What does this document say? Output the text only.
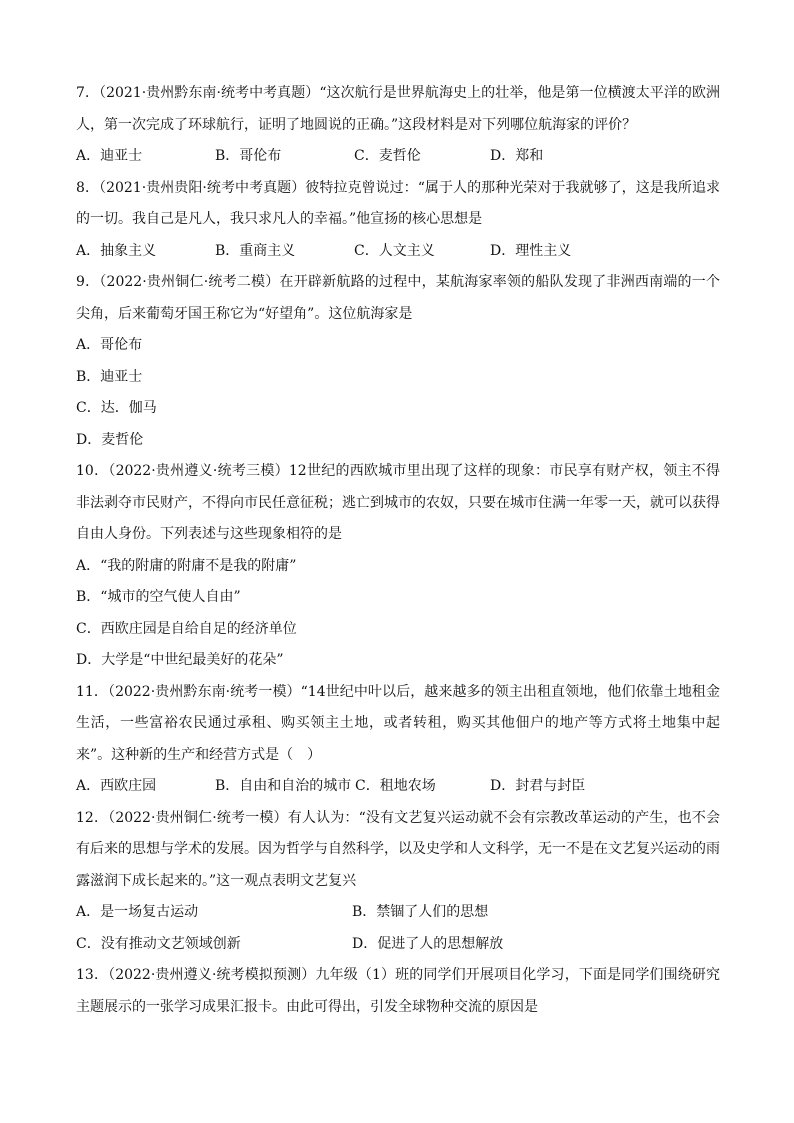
7．（2021·贵州黔东南·统考中考真题）“这次航行是世界航海史上的壮举，他是第一位横渡太平洋的欧洲人，第一次完成了环球航行，证明了地圆说的正确。”这段材料是对下列哪位航海家的评价？
A．迪亚士	B．哥伦布	C．麦哲伦	D．郑和
8．（2021·贵州贵阳·统考中考真题）彼特拉克曾说过：“属于人的那种光荣对于我就够了，这是我所追求的一切。我自己是凡人，我只求凡人的幸福。”他宣扬的核心思想是
A．抽象主义	B．重商主义	C．人文主义	D．理性主义
9．（2022·贵州铜仁·统考二模）在开辟新航路的过程中，某航海家率领的船队发现了非洲西南端的一个尖角，后来葡萄牙国王称它为“好望角”。这位航海家是
A．哥伦布
B．迪亚士
C．达．伽马
D．麦哲伦
10．（2022·贵州遵义·统考三模）12世纪的西欧城市里出现了这样的现象：市民享有财产权，领主不得非法剥夺市民财产，不得向市民任意征税；逃亡到城市的农奴，只要在城市住满一年零一天，就可以获得自由人身份。下列表述与这些现象相符的是
A．“我的附庸的附庸不是我的附庸”
B．“城市的空气使人自由”
C．西欧庄园是自给自足的经济单位
D．大学是“中世纪最美好的花朵”
11．（2022·贵州黔东南·统考一模）“14世纪中叶以后，越来越多的领主出租直领地，他们依靠土地租金生活，一些富裕农民通过承租、购买领主土地，或者转租，购买其他佃户的地产等方式将土地集中起来”。这种新的生产和经营方式是（　）
A．西欧庄园	B．自由和自治的城市 C．租地农场	D．封君与封臣
12．（2022·贵州铜仁·统考一模）有人认为：“没有文艺复兴运动就不会有宗教改革运动的产生，也不会有后来的思想与学术的发展。因为哲学与自然科学，以及史学和人文科学，无一不是在文艺复兴运动的雨露滋润下成长起来的。”这一观点表明文艺复兴
A．是一场复古运动	B．禁锢了人们的思想
C．没有推动文艺领域创新	D．促进了人的思想解放
13．（2022·贵州遵义·统考模拟预测）九年级（1）班的同学们开展项目化学习，下面是同学们围绕研究主题展示的一张学习成果汇报卡。由此可得出，引发全球物种交流的原因是
